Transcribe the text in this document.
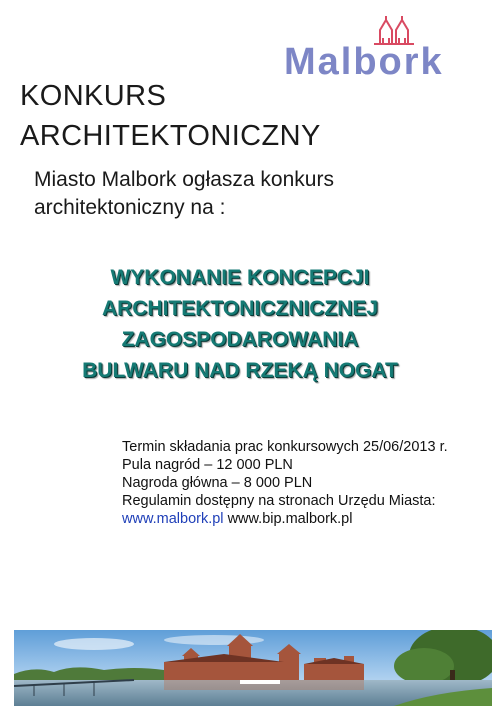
Malbork
KONKURS
ARCHITEKTONICZNY

Miasto Malbork ogłasza konkurs
architektoniczny na :

WYKONANIE KONCEPCJI
ARCHITEKTONICZNICZNEJ
ZAGOSPODAROWANIA
BULWARU NAD RZEKĄ NOGAT
Termin składania prac konkursowych 25/06/2013 r.
Pula nagród – 12 000 PLN
Nagroda główna – 8 000 PLN
Regulamin dostępny na stronach Urzędu Miasta:
www.malbork.pl www.bip.malbork.pl
